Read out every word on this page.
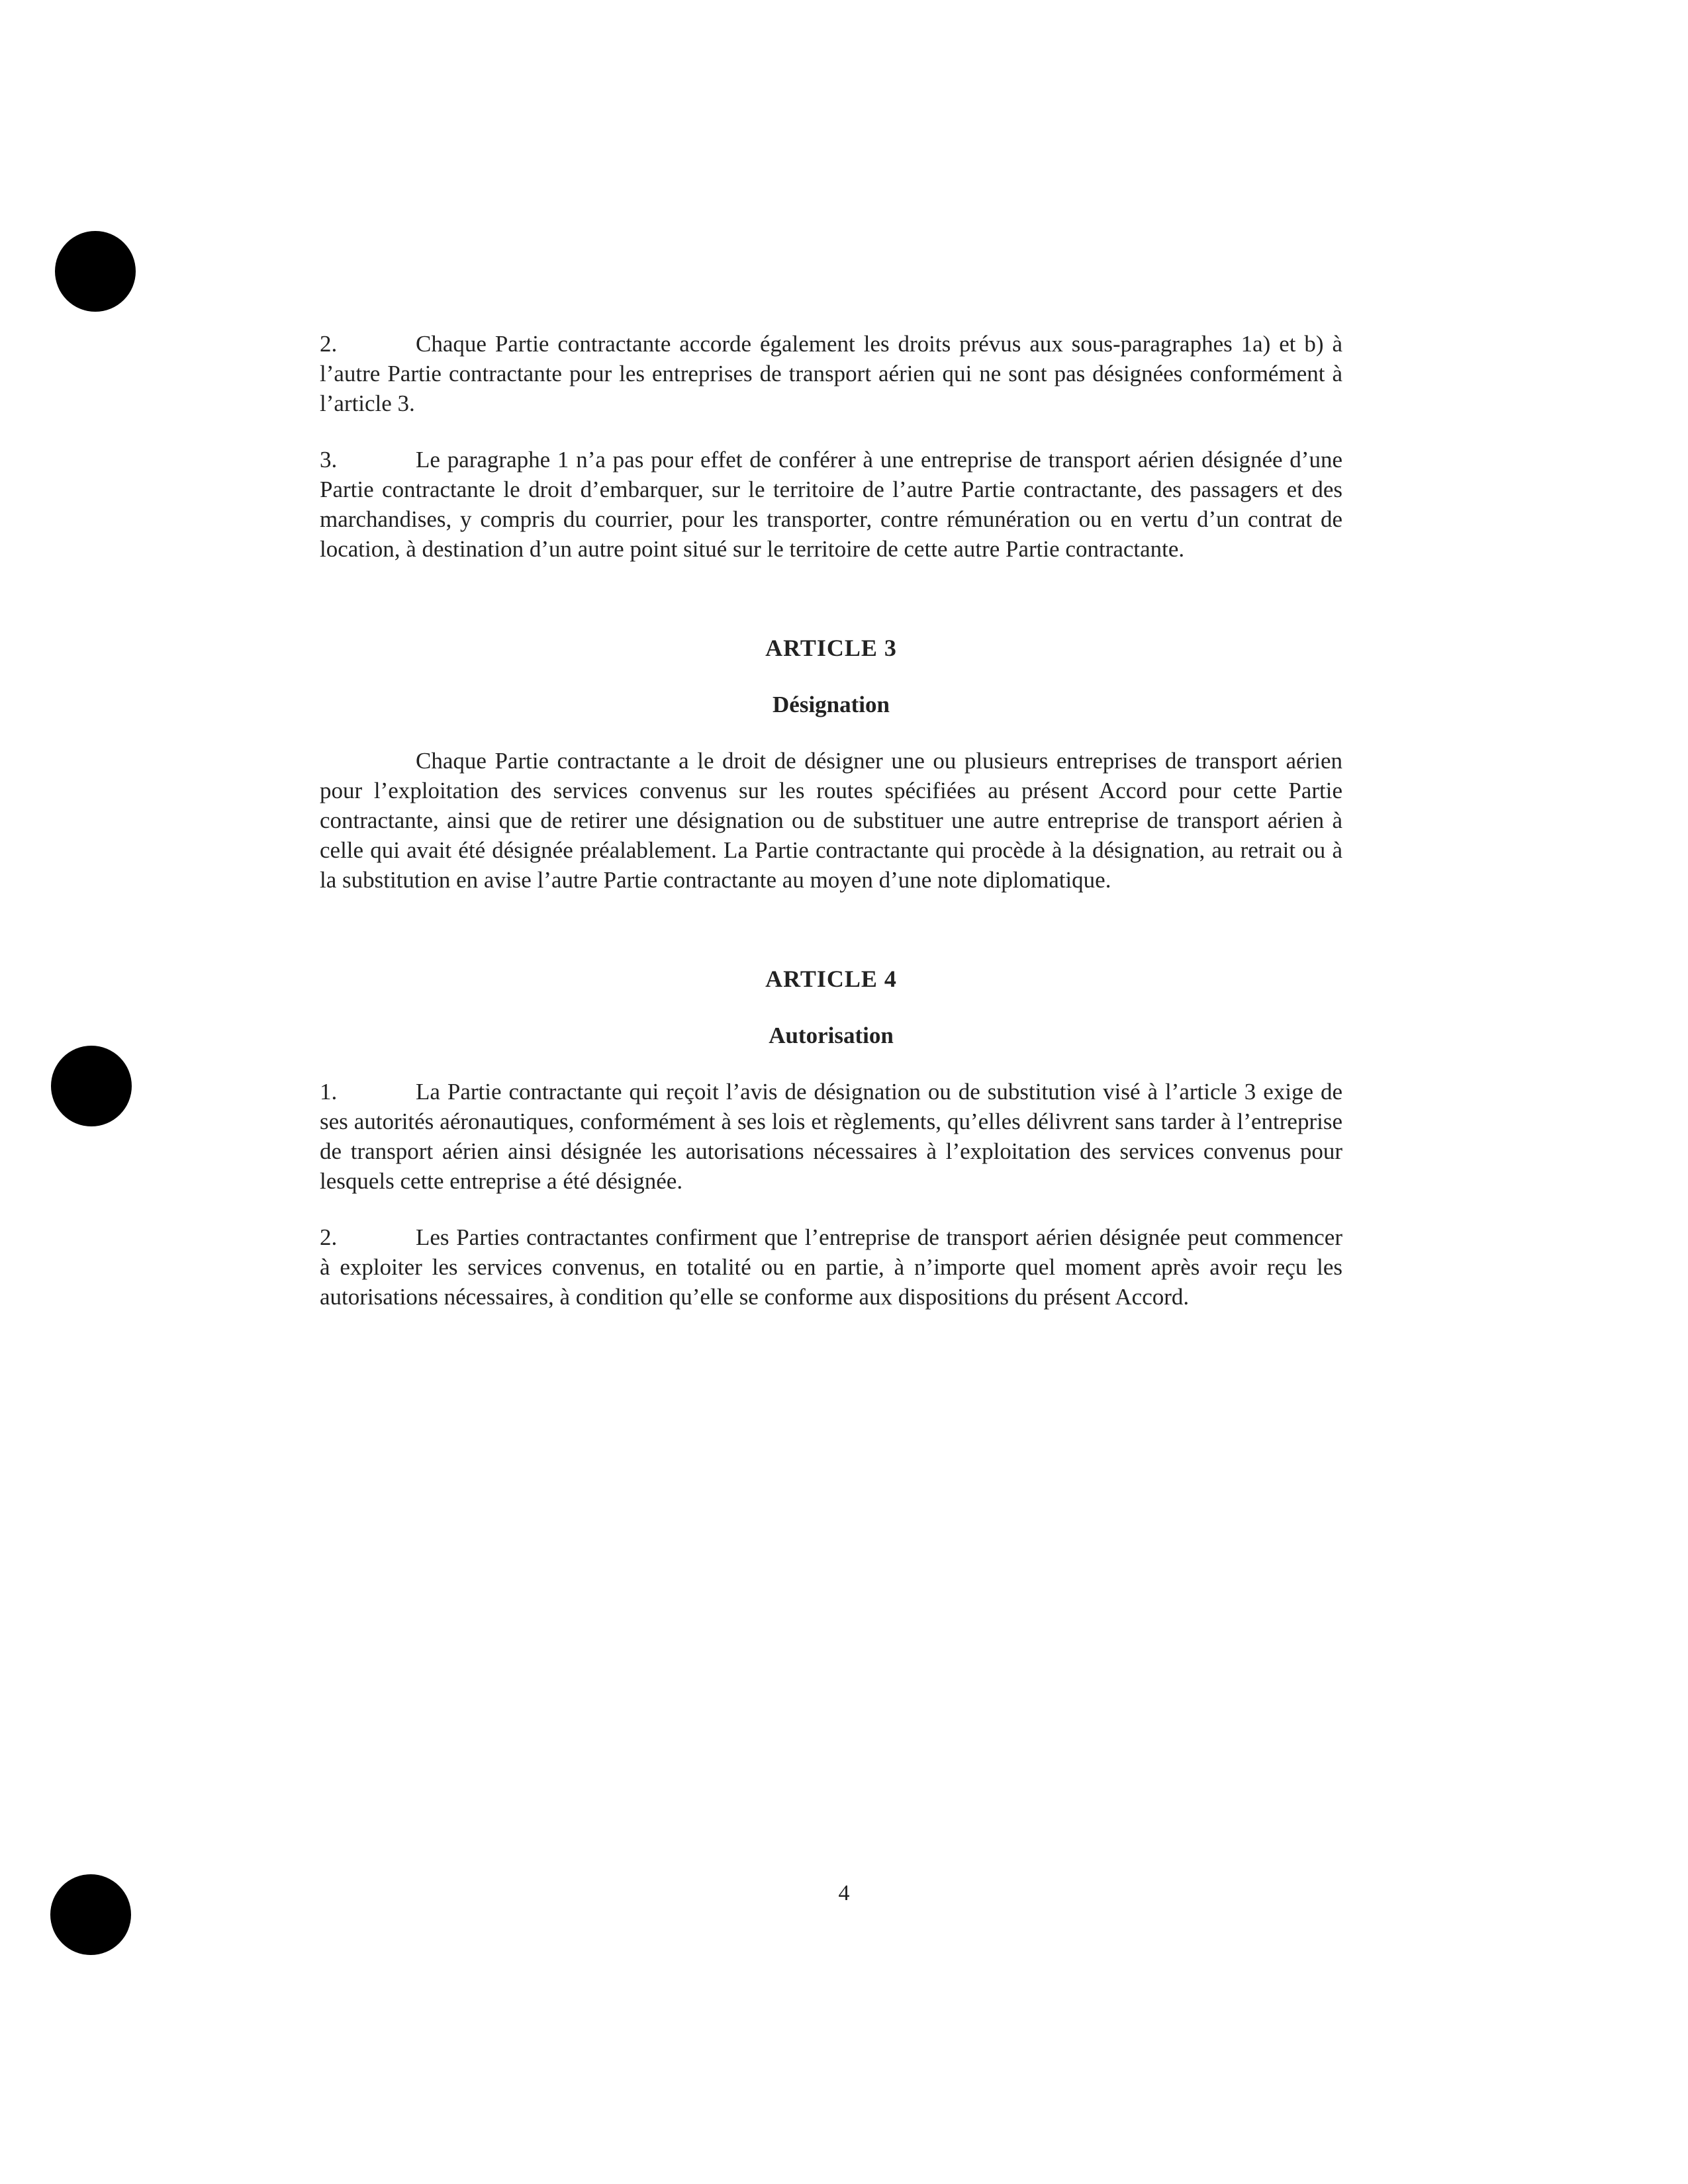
2.	Chaque Partie contractante accorde également les droits prévus aux sous-paragraphes 1a) et b) à l’autre Partie contractante pour les entreprises de transport aérien qui ne sont pas désignées conformément à l’article 3.

3.	Le paragraphe 1 n’a pas pour effet de conférer à une entreprise de transport aérien désignée d’une Partie contractante le droit d’embarquer, sur le territoire de l’autre Partie contractante, des passagers et des marchandises, y compris du courrier, pour les transporter, contre rémunération ou en vertu d’un contrat de location, à destination d’un autre point situé sur le territoire de cette autre Partie contractante.

ARTICLE 3
Désignation

Chaque Partie contractante a le droit de désigner une ou plusieurs entreprises de transport aérien pour l’exploitation des services convenus sur les routes spécifiées au présent Accord pour cette Partie contractante, ainsi que de retirer une désignation ou de substituer une autre entreprise de transport aérien à celle qui avait été désignée préalablement. La Partie contractante qui procède à la désignation, au retrait ou à la substitution en avise l’autre Partie contractante au moyen d’une note diplomatique.

ARTICLE 4
Autorisation

1.	La Partie contractante qui reçoit l’avis de désignation ou de substitution visé à l’article 3 exige de ses autorités aéronautiques, conformément à ses lois et règlements, qu’elles délivrent sans tarder à l’entreprise de transport aérien ainsi désignée les autorisations nécessaires à l’exploitation des services convenus pour lesquels cette entreprise a été désignée.

2.	Les Parties contractantes confirment que l’entreprise de transport aérien désignée peut commencer à exploiter les services convenus, en totalité ou en partie, à n’importe quel moment après avoir reçu les autorisations nécessaires, à condition qu’elle se conforme aux dispositions du présent Accord.

4
